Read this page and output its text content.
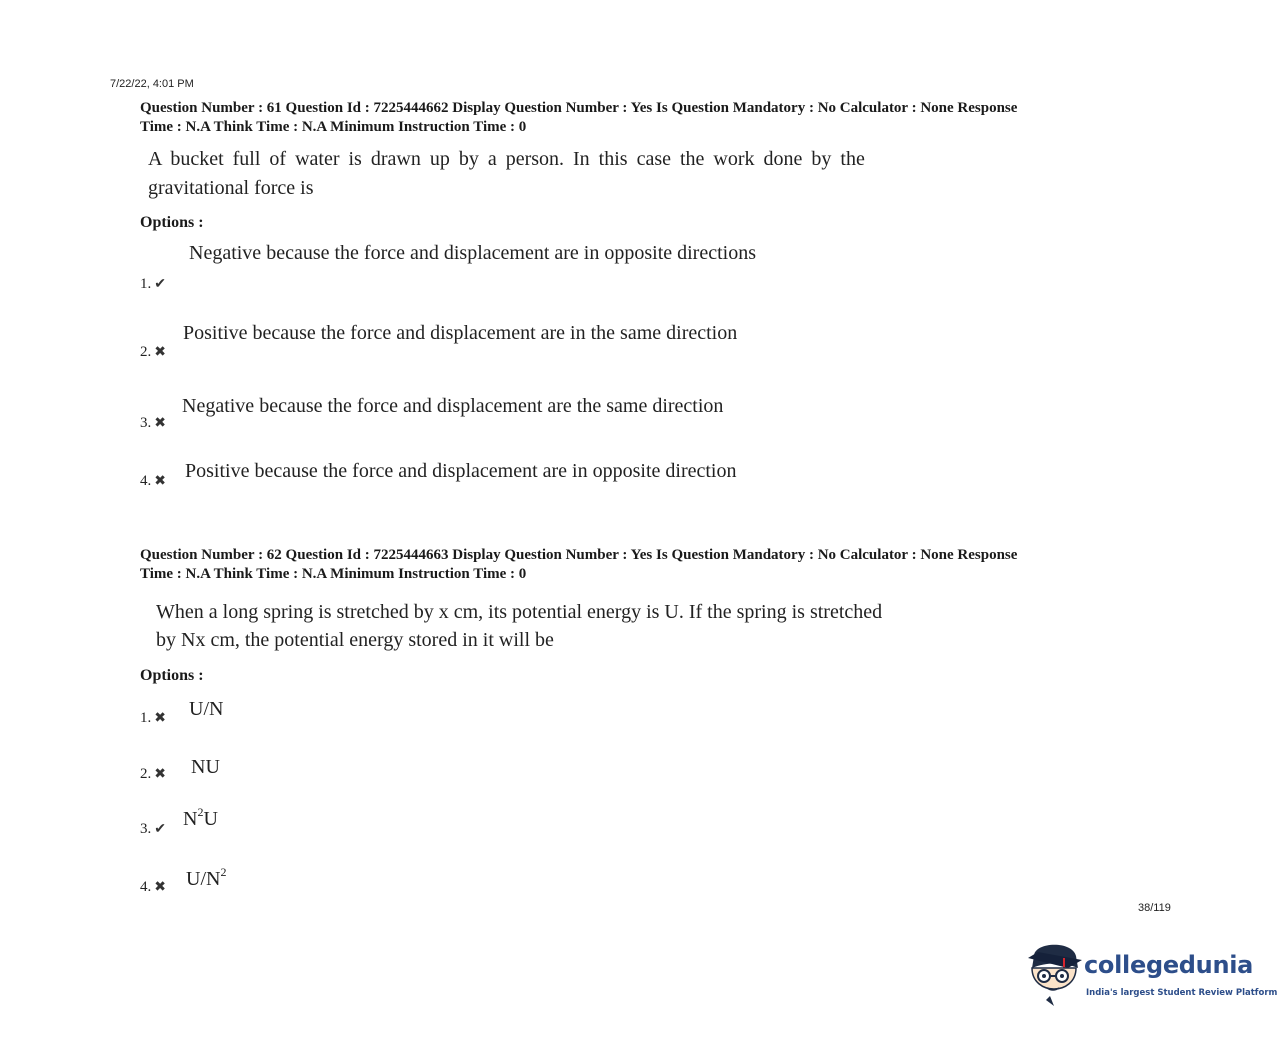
7/22/22, 4:01 PM
Question Number : 61 Question Id : 7225444662 Display Question Number : Yes Is Question Mandatory : No Calculator : None Response
Time : N.A Think Time : N.A Minimum Instruction Time : 0
A bucket full of water is drawn up by a person. In this case the work done by the
gravitational force is
Options :
Negative because the force and displacement are in opposite directions
1. ✔
Positive because the force and displacement are in the same direction
2. ✖
Negative because the force and displacement are the same direction
3. ✖
Positive because the force and displacement are in opposite direction
4. ✖
Question Number : 62 Question Id : 7225444663 Display Question Number : Yes Is Question Mandatory : No Calculator : None Response
Time : N.A Think Time : N.A Minimum Instruction Time : 0
When a long spring is stretched by x cm, its potential energy is U. If the spring is stretched
by Nx cm, the potential energy stored in it will be
Options :
1. ✖ U/N
2. ✖ NU
3. ✔ $N^2U$
4. ✖ $U/N^2$
38/119
collegedunia
India's largest Student Review Platform
